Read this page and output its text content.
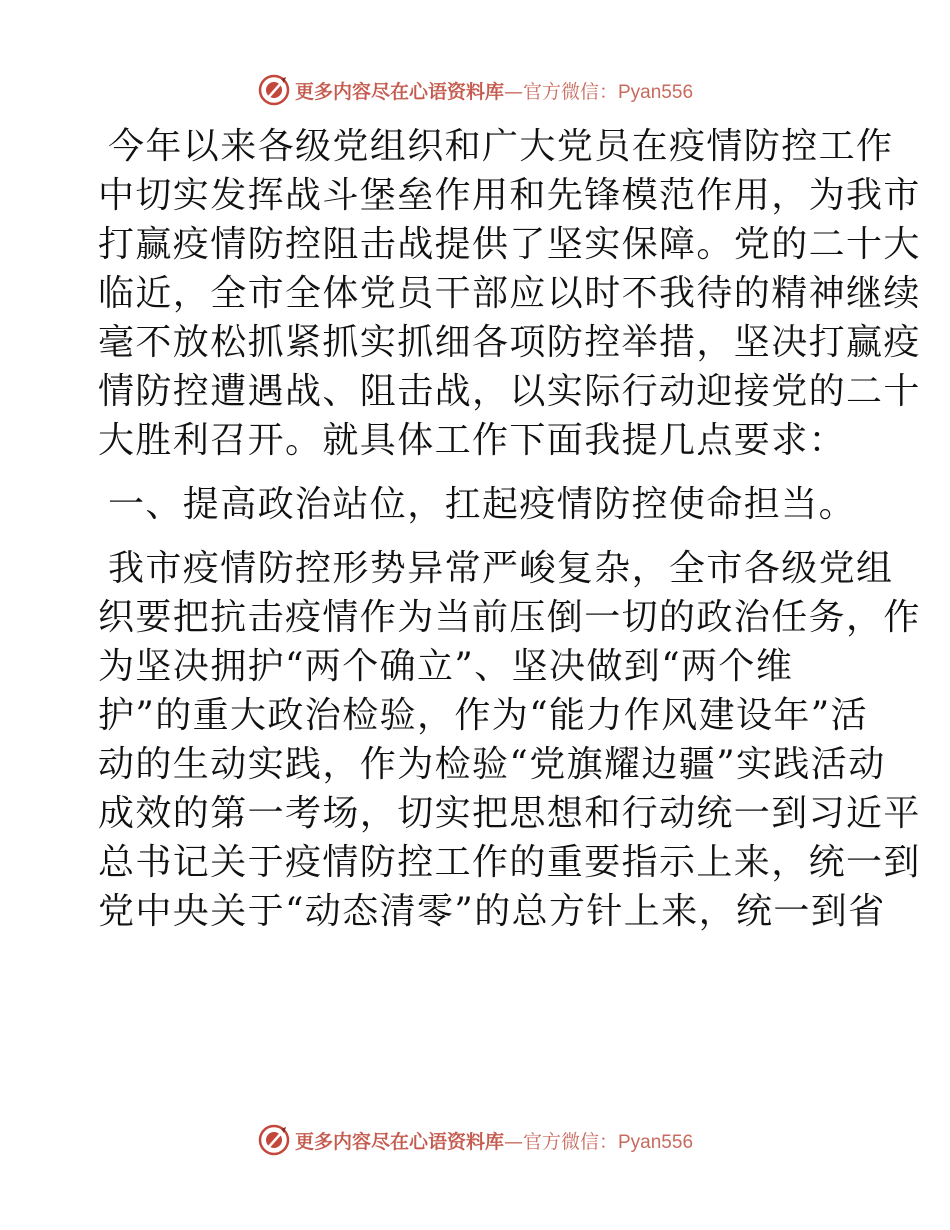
更多内容尽在心语资料库—官方微信：Pyan556
今年以来各级党组织和广大党员在疫情防控工作
中切实发挥战斗堡垒作用和先锋模范作用，为我市
打赢疫情防控阻击战提供了坚实保障。党的二十大
临近，全市全体党员干部应以时不我待的精神继续
毫不放松抓紧抓实抓细各项防控举措，坚决打赢疫
情防控遭遇战、阻击战，以实际行动迎接党的二十
大胜利召开。就具体工作下面我提几点要求：
一、提高政治站位，扛起疫情防控使命担当。
我市疫情防控形势异常严峻复杂，全市各级党组
织要把抗击疫情作为当前压倒一切的政治任务，作
为坚决拥护“两个确立”、坚决做到“两个维
护”的重大政治检验，作为“能力作风建设年”活
动的生动实践，作为检验“党旗耀边疆”实践活动
成效的第一考场，切实把思想和行动统一到习近平
总书记关于疫情防控工作的重要指示上来，统一到
党中央关于“动态清零”的总方针上来，统一到省
更多内容尽在心语资料库—官方微信：Pyan556
